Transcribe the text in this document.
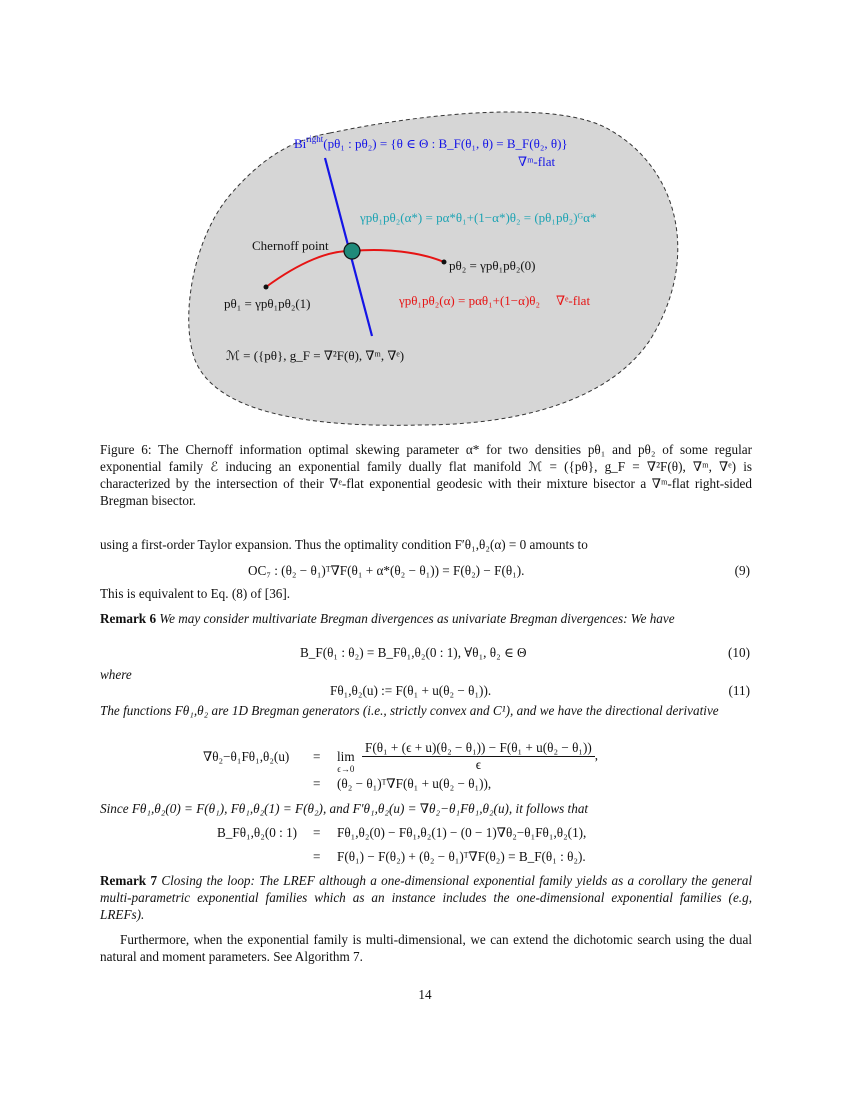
$Bi^{right}(p\theta_1$ : pθ₂) = {θ ∈ Θ : B_F(θ₁, θ) = B_F(θ₂, θ)}
∇ᵐ-flat
γpθ₁pθ₂(α*) = pα*θ₁+(1−α*)θ₂ = (pθ₁pθ₂)ᴳα*
Chernoff point
pθ₂ = γpθ₁pθ₂(0)
pθ₁ = γpθ₁pθ₂(1)	γpθ₁pθ₂(α) = pαθ₁+(1−α)θ₂ ∇ᵉ-flat
ℳ = ({pθ}, g_F = ∇²F(θ), ∇ᵐ, ∇ᵉ)
Figure 6: The Chernoff information optimal skewing parameter α* for two densities pθ₁ and pθ₂ of some regular exponential family ℰ inducing an exponential family dually flat manifold ℳ = ({pθ}, g_F = ∇²F(θ), ∇ᵐ, ∇ᵉ) is characterized by the intersection of their ∇ᵉ-flat exponential geodesic with their mixture bisector a ∇ᵐ-flat right-sided Bregman bisector.
using a first-order Taylor expansion. Thus the optimality condition F′θ₁,θ₂(α) = 0 amounts to
OC₇ : (θ₂ − θ₁)ᵀ∇F(θ₁ + α*(θ₂ − θ₁)) = F(θ₂) − F(θ₁).	(9)
This is equivalent to Eq. (8) of [36].
Remark 6 We may consider multivariate Bregman divergences as univariate Bregman divergences: We have
B_F(θ₁ : θ₂) = B_Fθ₁,θ₂(0 : 1), ∀θ₁, θ₂ ∈ Θ	(10)
where
Fθ₁,θ₂(u) := F(θ₁ + u(θ₂ − θ₁)).	(11)
The functions Fθ₁,θ₂ are 1D Bregman generators (i.e., strictly convex and C¹), and we have the directional derivative
∇θ₂−θ₁Fθ₁,θ₂(u) = lim
$\epsilon\to 0 \frac{\text{F(θ₁ + (ϵ + u)(θ₂ − θ₁)) − F(θ₁ + u(θ₂ − θ₁))}}{\epsilon}$ ,
= (θ₂ − θ₁)ᵀ∇F(θ₁ + u(θ₂ − θ₁)),
Since Fθ₁,θ₂(0) = F(θ₁), Fθ₁,θ₂(1) = F(θ₂), and F′θ₁,θ₂(u) = ∇θ₂−θ₁Fθ₁,θ₂(u), it follows that
B_Fθ₁,θ₂(0 : 1) = Fθ₁,θ₂(0) − Fθ₁,θ₂(1) − (0 − 1)∇θ₂−θ₁Fθ₁,θ₂(1),
= F(θ₁) − F(θ₂) + (θ₂ − θ₁)ᵀ∇F(θ₂) = B_F(θ₁ : θ₂).
Remark 7 Closing the loop: The LREF although a one-dimensional exponential family yields as a corollary the general multi-parametric exponential families which as an instance includes the one-dimensional exponential families (e.g, LREFs).
Furthermore, when the exponential family is multi-dimensional, we can extend the dichotomic search using the dual natural and moment parameters. See Algorithm 7.
14
